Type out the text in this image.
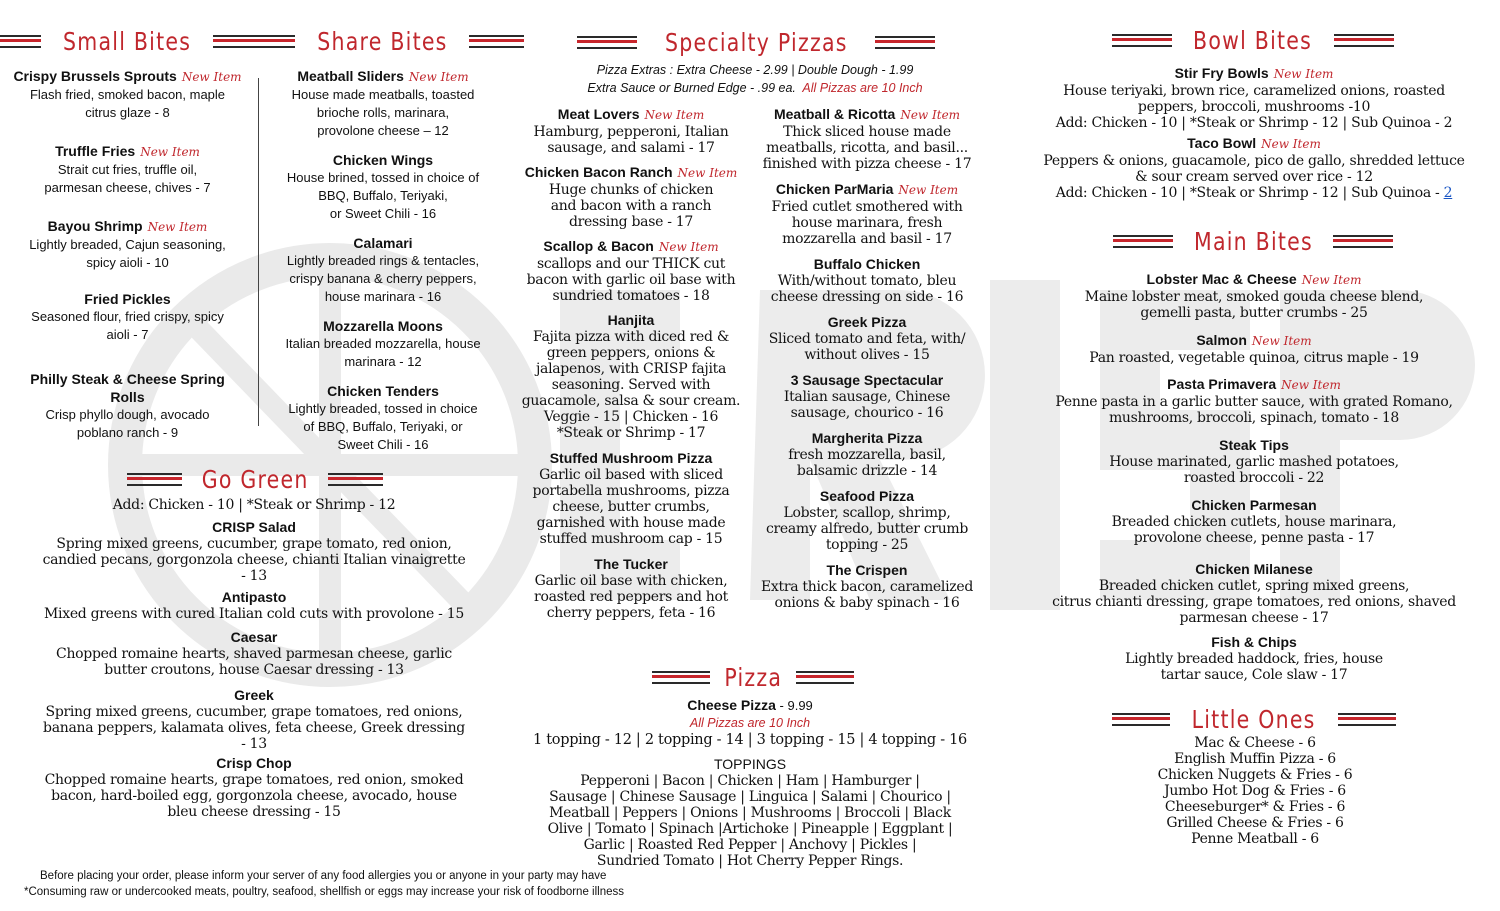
Small Bites
Crispy Brussels Sprouts New Item
Flash fried, smoked bacon, maple
citrus glaze - 8
Truffle Fries New Item
Strait cut fries, truffle oil,
parmesan cheese, chives - 7
Bayou Shrimp New Item
Lightly breaded, Cajun seasoning,
spicy aioli - 10
Fried Pickles
Seasoned flour, fried crispy, spicy
aioli - 7
Philly Steak & Cheese Spring
Rolls
Crisp phyllo dough, avocado
poblano ranch - 9
Share Bites
Meatball Sliders New Item
House made meatballs, toasted
brioche rolls, marinara,
provolone cheese – 12
Chicken Wings
House brined, tossed in choice of
BBQ, Buffalo, Teriyaki,
or Sweet Chili - 16
Calamari
Lightly breaded rings & tentacles,
crispy banana & cherry peppers,
house marinara - 16
Mozzarella Moons
Italian breaded mozzarella, house
marinara - 12
Chicken Tenders
Lightly breaded, tossed in choice
of BBQ, Buffalo, Teriyaki, or
Sweet Chili - 16
Go Green
Add: Chicken - 10 | *Steak or Shrimp - 12
CRISP Salad
Spring mixed greens, cucumber, grape tomato, red onion,
candied pecans, gorgonzola cheese, chianti Italian vinaigrette
- 13
Antipasto
Mixed greens with cured Italian cold cuts with provolone - 15
Caesar
Chopped romaine hearts, shaved parmesan cheese, garlic
butter croutons, house Caesar dressing - 13
Greek
Spring mixed greens, cucumber, grape tomatoes, red onions,
banana peppers, kalamata olives, feta cheese, Greek dressing
- 13
Crisp Chop
Chopped romaine hearts, grape tomatoes, red onion, smoked
bacon, hard-boiled egg, gorgonzola cheese, avocado, house
bleu cheese dressing - 15
Specialty Pizzas
Pizza Extras : Extra Cheese - 2.99 | Double Dough - 1.99
Extra Sauce or Burned Edge - .99 ea. All Pizzas are 10 Inch
Meat Lovers New Item
Hamburg, pepperoni, Italian
sausage, and salami - 17
Chicken Bacon Ranch New Item
Huge chunks of chicken
and bacon with a ranch
dressing base - 17
Scallop & Bacon New Item
scallops and our THICK cut
bacon with garlic oil base with
sundried tomatoes - 18
Hanjita
Fajita pizza with diced red &
green peppers, onions &
jalapenos, with CRISP fajita
seasoning. Served with
guacamole, salsa & sour cream.
Veggie - 15 | Chicken - 16
*Steak or Shrimp - 17
Stuffed Mushroom Pizza
Garlic oil based with sliced
portabella mushrooms, pizza
cheese, butter crumbs,
garnished with house made
stuffed mushroom cap - 15
The Tucker
Garlic oil base with chicken,
roasted red peppers and hot
cherry peppers, feta - 16
Meatball & Ricotta New Item
Thick sliced house made
meatballs, ricotta, and basil...
finished with pizza cheese - 17
Chicken ParMaria New Item
Fried cutlet smothered with
house marinara, fresh
mozzarella and basil - 17
Buffalo Chicken
With/without tomato, bleu
cheese dressing on side - 16
Greek Pizza
Sliced tomato and feta, with/
without olives - 15
3 Sausage Spectacular
Italian sausage, Chinese
sausage, chourico - 16
Margherita Pizza
fresh mozzarella, basil,
balsamic drizzle - 14
Seafood Pizza
Lobster, scallop, shrimp,
creamy alfredo, butter crumb
topping - 25
The Crispen
Extra thick bacon, caramelized
onions & baby spinach - 16
Pizza
Cheese Pizza - 9.99
All Pizzas are 10 Inch
1 topping - 12 | 2 topping - 14 | 3 topping - 15 | 4 topping - 16
TOPPINGS
Pepperoni | Bacon | Chicken | Ham | Hamburger |
Sausage | Chinese Sausage | Linguica | Salami | Chourico |
Meatball | Peppers | Onions | Mushrooms | Broccoli | Black
Olive | Tomato | Spinach |Artichoke | Pineapple | Eggplant |
Garlic | Roasted Red Pepper | Anchovy | Pickles |
Sundried Tomato | Hot Cherry Pepper Rings.
Bowl Bites
Stir Fry Bowls New Item
House teriyaki, brown rice, caramelized onions, roasted
peppers, broccoli, mushrooms -10
Add: Chicken - 10 | *Steak or Shrimp - 12 | Sub Quinoa - 2
Taco Bowl New Item
Peppers & onions, guacamole, pico de gallo, shredded lettuce
& sour cream served over rice - 12
Add: Chicken - 10 | *Steak or Shrimp - 12 | Sub Quinoa - 2
Main Bites
Lobster Mac & Cheese New Item
Maine lobster meat, smoked gouda cheese blend,
gemelli pasta, butter crumbs - 25
Salmon New Item
Pan roasted, vegetable quinoa, citrus maple - 19
Pasta Primavera New Item
Penne pasta in a garlic butter sauce, with grated Romano,
mushrooms, broccoli, spinach, tomato - 18
Steak Tips
House marinated, garlic mashed potatoes,
roasted broccoli - 22
Chicken Parmesan
Breaded chicken cutlets, house marinara,
provolone cheese, penne pasta - 17
Chicken Milanese
Breaded chicken cutlet, spring mixed greens,
citrus chianti dressing, grape tomatoes, red onions, shaved
parmesan cheese - 17
Fish & Chips
Lightly breaded haddock, fries, house
tartar sauce, Cole slaw - 17
Little Ones
Mac & Cheese - 6
English Muffin Pizza - 6
Chicken Nuggets & Fries - 6
Jumbo Hot Dog & Fries - 6
Cheeseburger* & Fries - 6
Grilled Cheese & Fries - 6
Penne Meatball - 6
Before placing your order, please inform your server of any food allergies you or anyone in your party may have
*Consuming raw or undercooked meats, poultry, seafood, shellfish or eggs may increase your risk of foodborne illness
